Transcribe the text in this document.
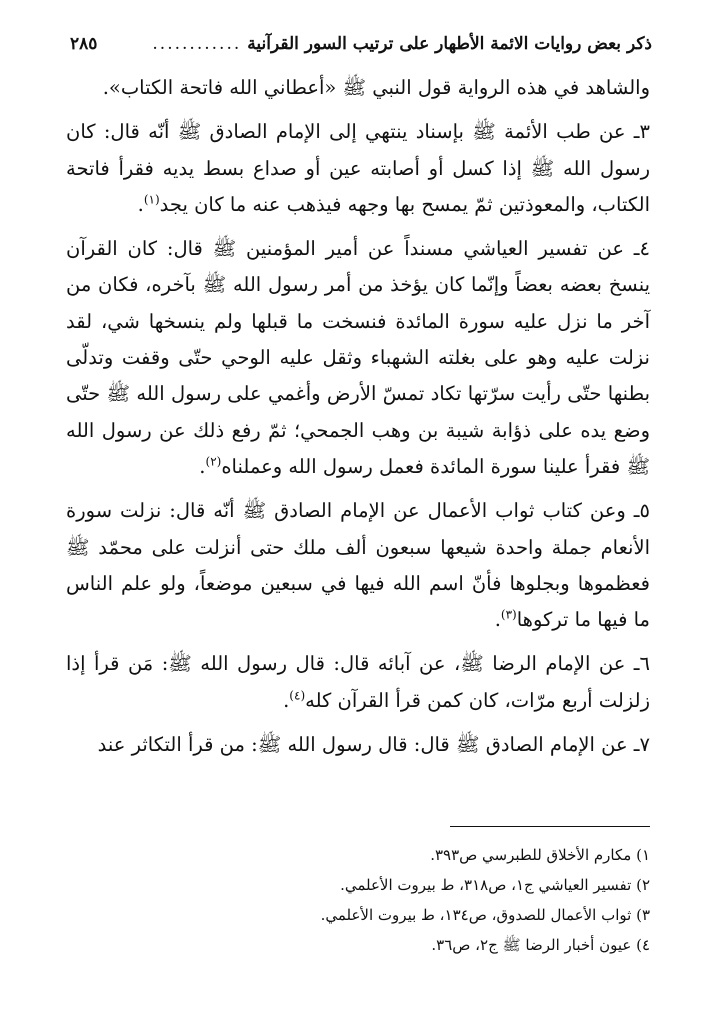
ذكر بعض روايات الائمة الأطهار على ترتيب السور القرآنية
............
٢٨٥

والشاهد في هذه الرواية قول النبي ﷺ «أعطاني الله فاتحة الكتاب».

٣ـ عن طب الأئمة ﷺ بإسناد ينتهي إلى الإمام الصادق ﷺ أنّه قال: كان رسول الله ﷺ إذا كسل أو أصابته عين أو صداع بسط يديه فقرأ فاتحة الكتاب، والمعوذتين ثمّ يمسح بها وجهه فيذهب عنه ما كان يجد$^{(١)}$.

٤ـ عن تفسير العياشي مسنداً عن أمير المؤمنين ﷺ قال: كان القرآن ينسخ بعضه بعضاً وإنّما كان يؤخذ من أمر رسول الله ﷺ بآخره، فكان من آخر ما نزل عليه سورة المائدة فنسخت ما قبلها ولم ينسخها شي، لقد نزلت عليه وهو على بغلته الشهباء وثقل عليه الوحي حتّى وقفت وتدلّى بطنها حتّى رأيت سرّتها تكاد تمسّ الأرض وأغمي على رسول الله ﷺ حتّى وضع يده على ذؤابة شيبة بن وهب الجمحي؛ ثمّ رفع ذلك عن رسول الله ﷺ فقرأ علينا سورة المائدة فعمل رسول الله وعملناه$^{(٢)}$.

٥ـ وعن كتاب ثواب الأعمال عن الإمام الصادق ﷺ أنّه قال: نزلت سورة الأنعام جملة واحدة شيعها سبعون ألف ملك حتى أنزلت على محمّد ﷺ فعظموها وبجلوها فأنّ اسم الله فيها في سبعين موضعاً، ولو علم الناس ما فيها ما تركوها$^{(٣)}$.

٦ـ عن الإمام الرضا ﷺ، عن آبائه قال: قال رسول الله ﷺ: مَن قرأ إذا زلزلت أربع مرّات، كان كمن قرأ القرآن كله$^{(٤)}$.

٧ـ عن الإمام الصادق ﷺ قال: قال رسول الله ﷺ: من قرأ التكاثر عند

١) مكارم الأخلاق للطبرسي ص٣٩٣.
٢) تفسير العياشي ج١، ص٣١٨، ط بيروت الأعلمي.
٣) ثواب الأعمال للصدوق، ص١٣٤، ط بيروت الأعلمي.
٤) عيون أخبار الرضا ﷺ ج٢، ص٣٦.
